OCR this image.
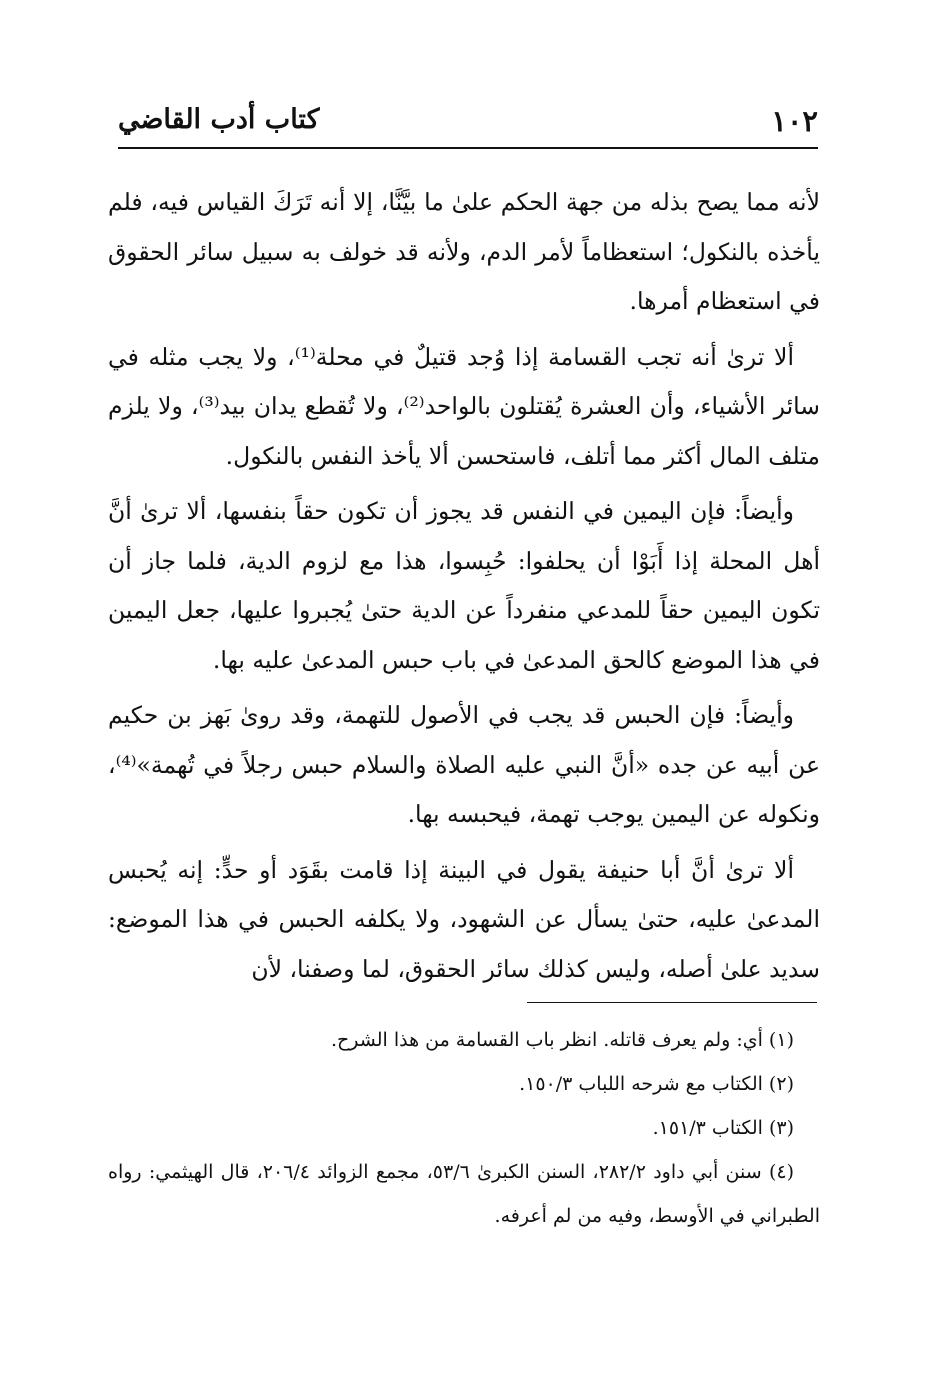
١٠٢
كتاب أدب القاضي

لأنه مما يصح بذله من جهة الحكم علىٰ ما بيَّنَّا، إلا أنه تَرَكَ القياس فيه، فلم يأخذه بالنكول؛ استعظاماً لأمر الدم، ولأنه قد خولف به سبيل سائر الحقوق في استعظام أمرها.

ألا ترىٰ أنه تجب القسامة إذا وُجد قتيلٌ في محلة⁽¹⁾، ولا يجب مثله في سائر الأشياء، وأن العشرة يُقتلون بالواحد⁽²⁾، ولا تُقطع يدان بيد⁽³⁾، ولا يلزم متلف المال أكثر مما أتلف، فاستحسن ألا يأخذ النفس بالنكول.

وأيضاً: فإن اليمين في النفس قد يجوز أن تكون حقاً بنفسها، ألا ترىٰ أنَّ أهل المحلة إذا أَبَوْا أن يحلفوا: حُبِسوا، هذا مع لزوم الدية، فلما جاز أن تكون اليمين حقاً للمدعي منفرداً عن الدية حتىٰ يُجبروا عليها، جعل اليمين في هذا الموضع كالحق المدعىٰ في باب حبس المدعىٰ عليه بها.

وأيضاً: فإن الحبس قد يجب في الأصول للتهمة، وقد روىٰ بَهز بن حكيم عن أبيه عن جده «أنَّ النبي عليه الصلاة والسلام حبس رجلاً في تُهمة»⁽⁴⁾، ونكوله عن اليمين يوجب تهمة، فيحبسه بها.

ألا ترىٰ أنَّ أبا حنيفة يقول في البينة إذا قامت بقَوَد أو حدٍّ: إنه يُحبس المدعىٰ عليه، حتىٰ يسأل عن الشهود، ولا يكلفه الحبس في هذا الموضع: سديد علىٰ أصله، وليس كذلك سائر الحقوق، لما وصفنا، لأن

(١) أي: ولم يعرف قاتله. انظر باب القسامة من هذا الشرح.

(٢) الكتاب مع شرحه اللباب ١٥٠/٣.

(٣) الكتاب ١٥١/٣.

(٤) سنن أبي داود ٢٨٢/٢، السنن الكبرىٰ ٥٣/٦، مجمع الزوائد ٢٠٦/٤، قال الهيثمي: رواه الطبراني في الأوسط، وفيه من لم أعرفه.
